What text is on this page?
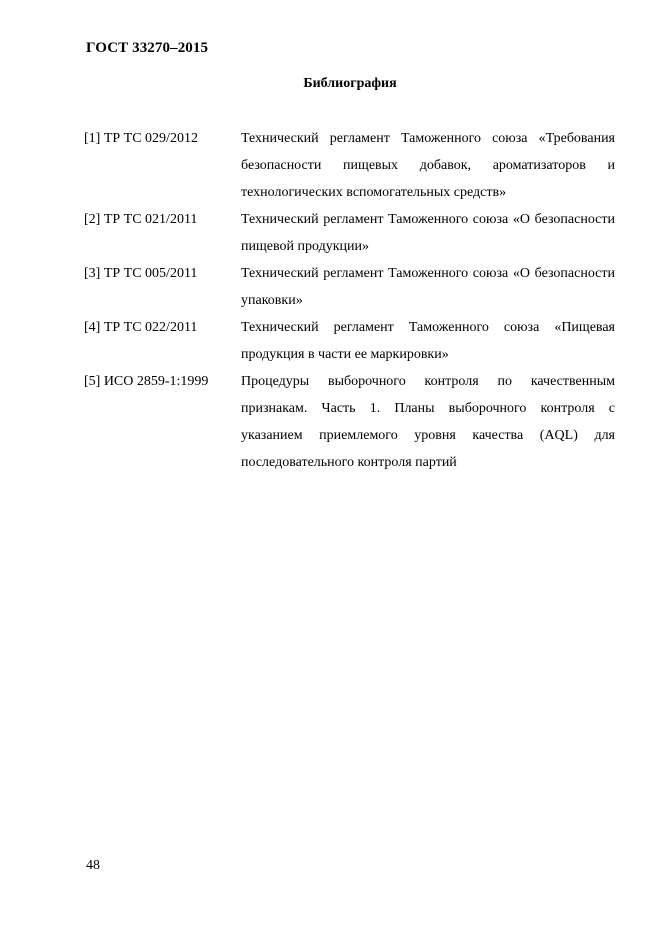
ГОСТ 33270–2015
Библиография
[1] ТР ТС 029/2012	Технический регламент Таможенного союза «Требования безопасности пищевых добавок, ароматизаторов и технологических вспомогательных средств»
[2] ТР ТС 021/2011	Технический регламент Таможенного союза «О безопасности пищевой продукции»
[3] ТР ТС 005/2011	Технический регламент Таможенного союза «О безопасности упаковки»
[4] ТР ТС 022/2011	Технический регламент Таможенного союза «Пищевая продукция в части ее маркировки»
[5] ИСО 2859-1:1999	Процедуры выборочного контроля по качественным признакам. Часть 1. Планы выборочного контроля с указанием приемлемого уровня качества (AQL) для последовательного контроля партий
48
